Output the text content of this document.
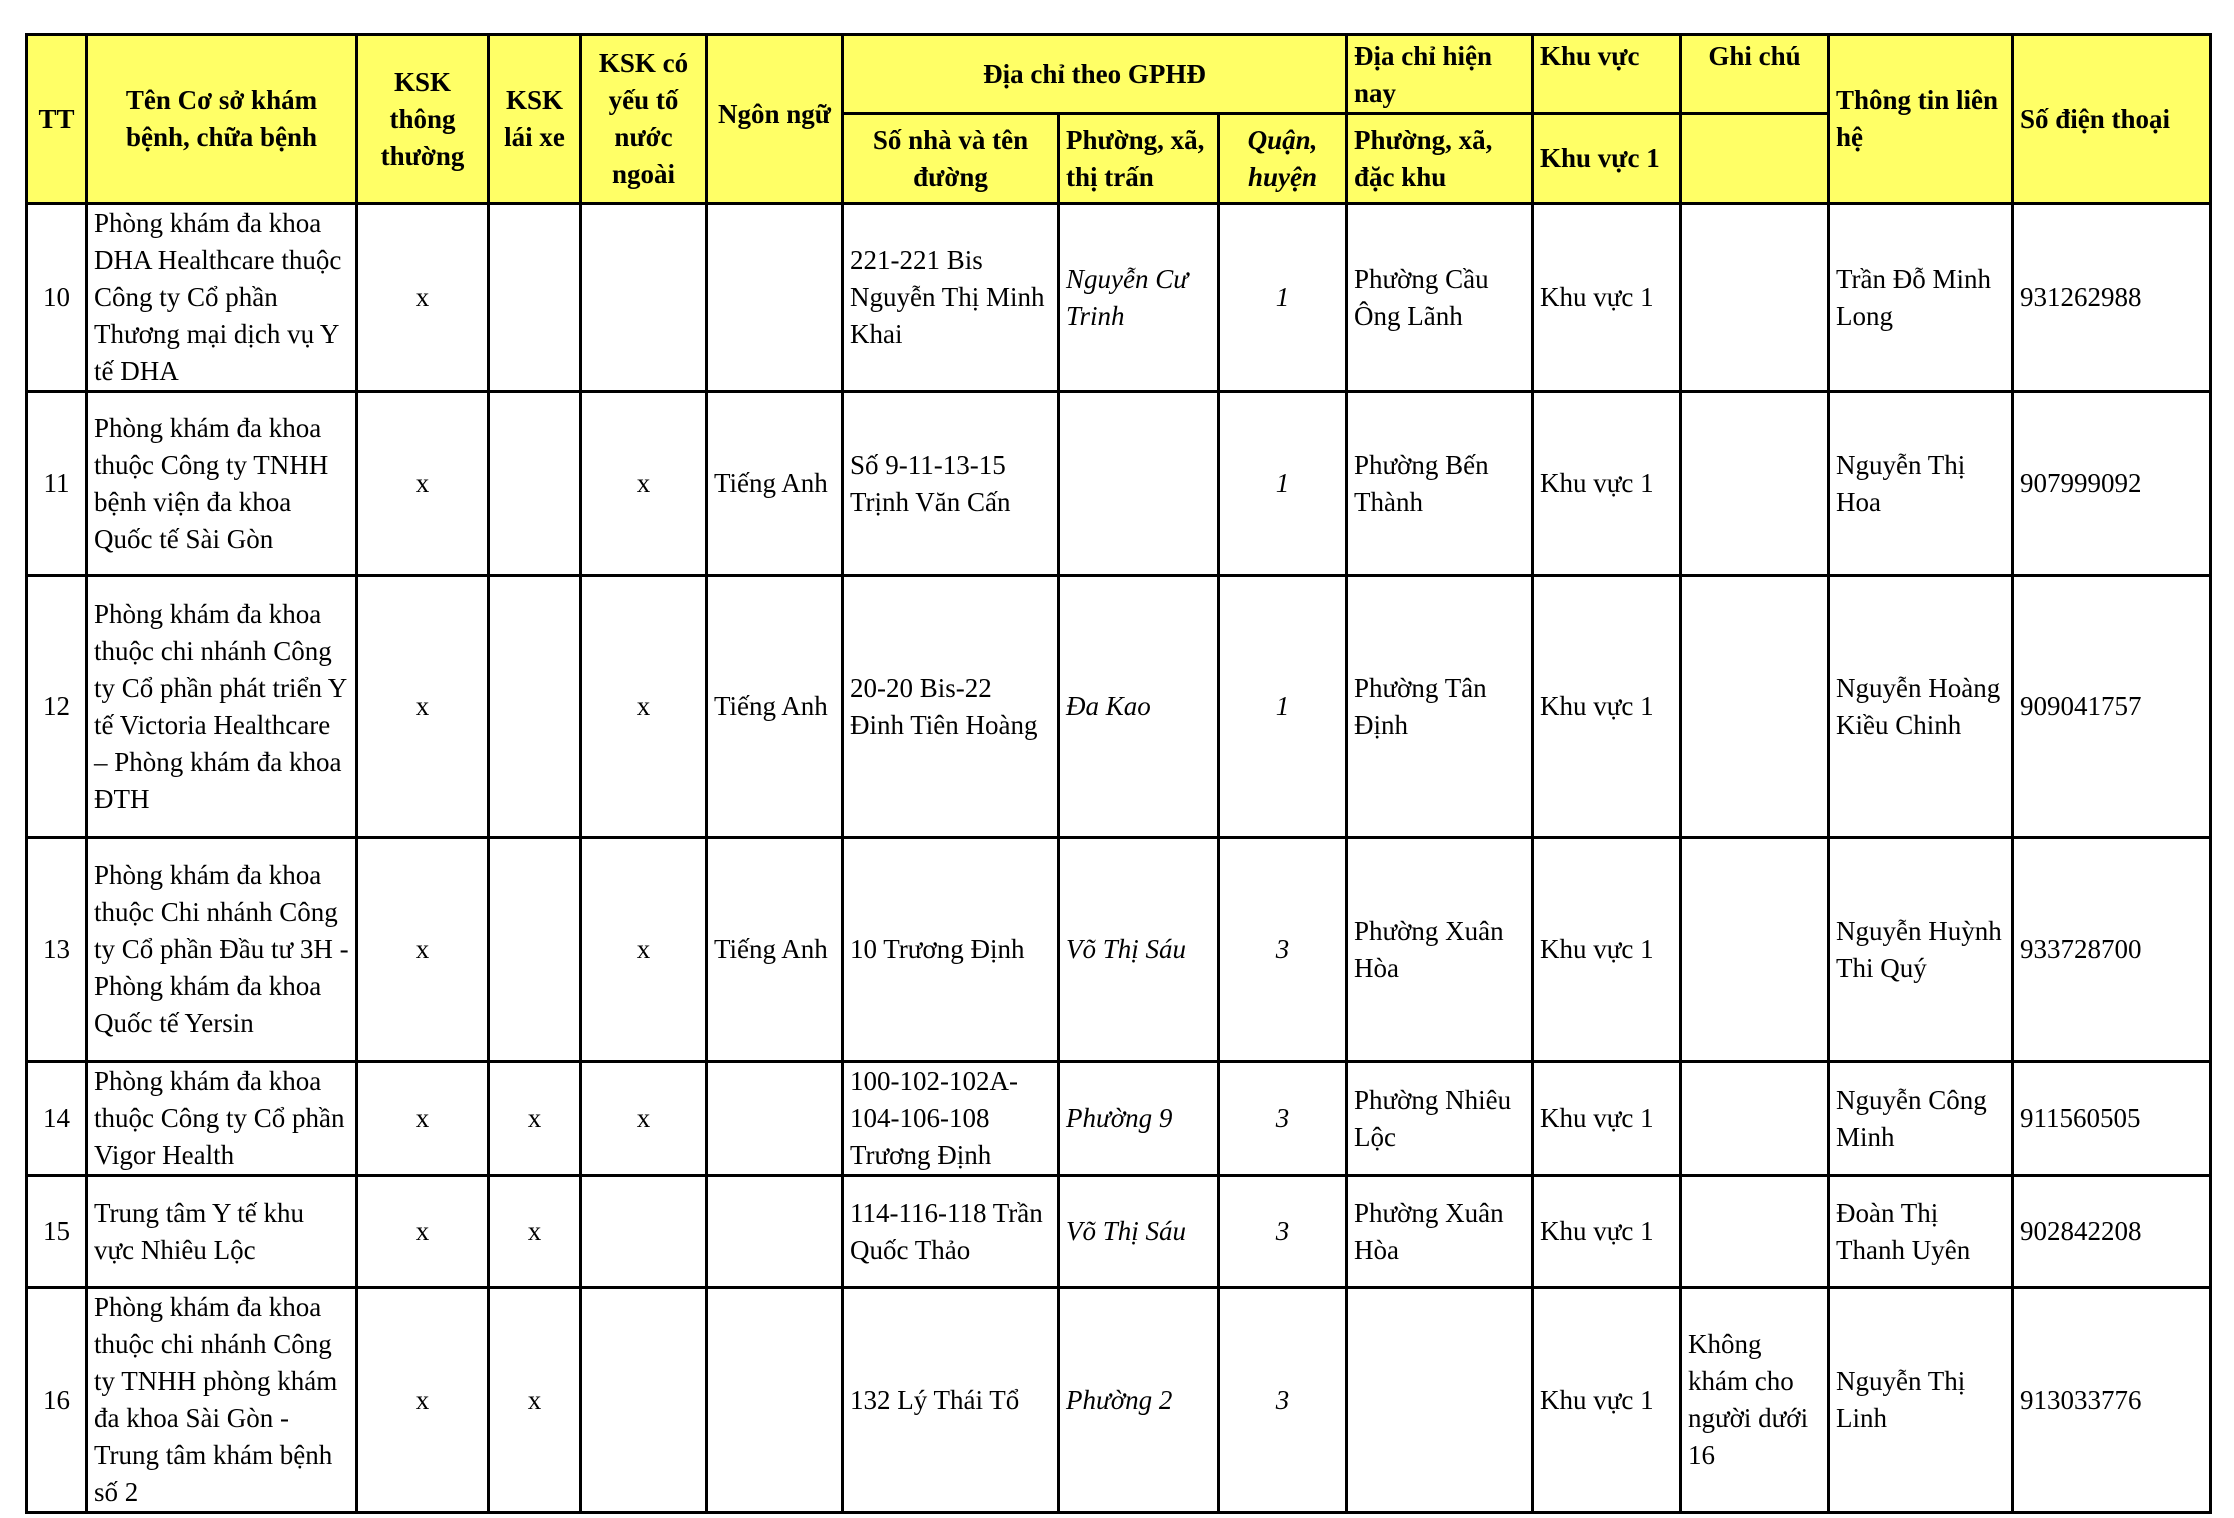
TT	Tên Cơ sở khám bệnh, chữa bệnh	KSK thông thường	KSK lái xe	KSK có yếu tố nước ngoài	Ngôn ngữ	Địa chỉ theo GPHĐ			Địa chỉ hiện nay	Khu vực	Ghi chú	Thông tin liên hệ	Số điện thoại
						Số nhà và tên đường	Phường, xã, thị trấn	Quận, huyện	Phường, xã, đặc khu	Khu vực 1			
10	Phòng khám đa khoa DHA Healthcare thuộc Công ty Cổ phần Thương mại dịch vụ Y tế DHA	x				221-221 Bis Nguyễn Thị Minh Khai	Nguyễn Cư Trinh	1	Phường Cầu Ông Lãnh	Khu vực 1		Trần Đỗ Minh Long	931262988
11	Phòng khám đa khoa thuộc Công ty TNHH bệnh viện đa khoa Quốc tế Sài Gòn	x		x	Tiếng Anh	Số 9-11-13-15 Trịnh Văn Cấn		1	Phường Bến Thành	Khu vực 1		Nguyễn Thị Hoa	907999092
12	Phòng khám đa khoa thuộc chi nhánh Công ty Cổ phần phát triển Y tế Victoria Healthcare – Phòng khám đa khoa ĐTH	x		x	Tiếng Anh	20-20 Bis-22 Đinh Tiên Hoàng	Đa Kao	1	Phường Tân Định	Khu vực 1		Nguyễn Hoàng Kiều Chinh	909041757
13	Phòng khám đa khoa thuộc Chi nhánh Công ty Cổ phần Đầu tư 3H - Phòng khám đa khoa Quốc tế Yersin	x		x	Tiếng Anh	10 Trương Định	Võ Thị Sáu	3	Phường Xuân Hòa	Khu vực 1		Nguyễn Huỳnh Thi Quý	933728700
14	Phòng khám đa khoa thuộc Công ty Cổ phần Vigor Health	x	x	x		100-102-102A-104-106-108 Trương Định	Phường 9	3	Phường Nhiêu Lộc	Khu vực 1		Nguyễn Công Minh	911560505
15	Trung tâm Y tế khu vực Nhiêu Lộc	x	x			114-116-118 Trần Quốc Thảo	Võ Thị Sáu	3	Phường Xuân Hòa	Khu vực 1		Đoàn Thị Thanh Uyên	902842208
16	Phòng khám đa khoa thuộc chi nhánh Công ty TNHH phòng khám đa khoa Sài Gòn - Trung tâm khám bệnh số 2	x	x			132 Lý Thái Tổ	Phường 2	3		Khu vực 1	Không khám cho người dưới 16	Nguyễn Thị Linh	913033776
